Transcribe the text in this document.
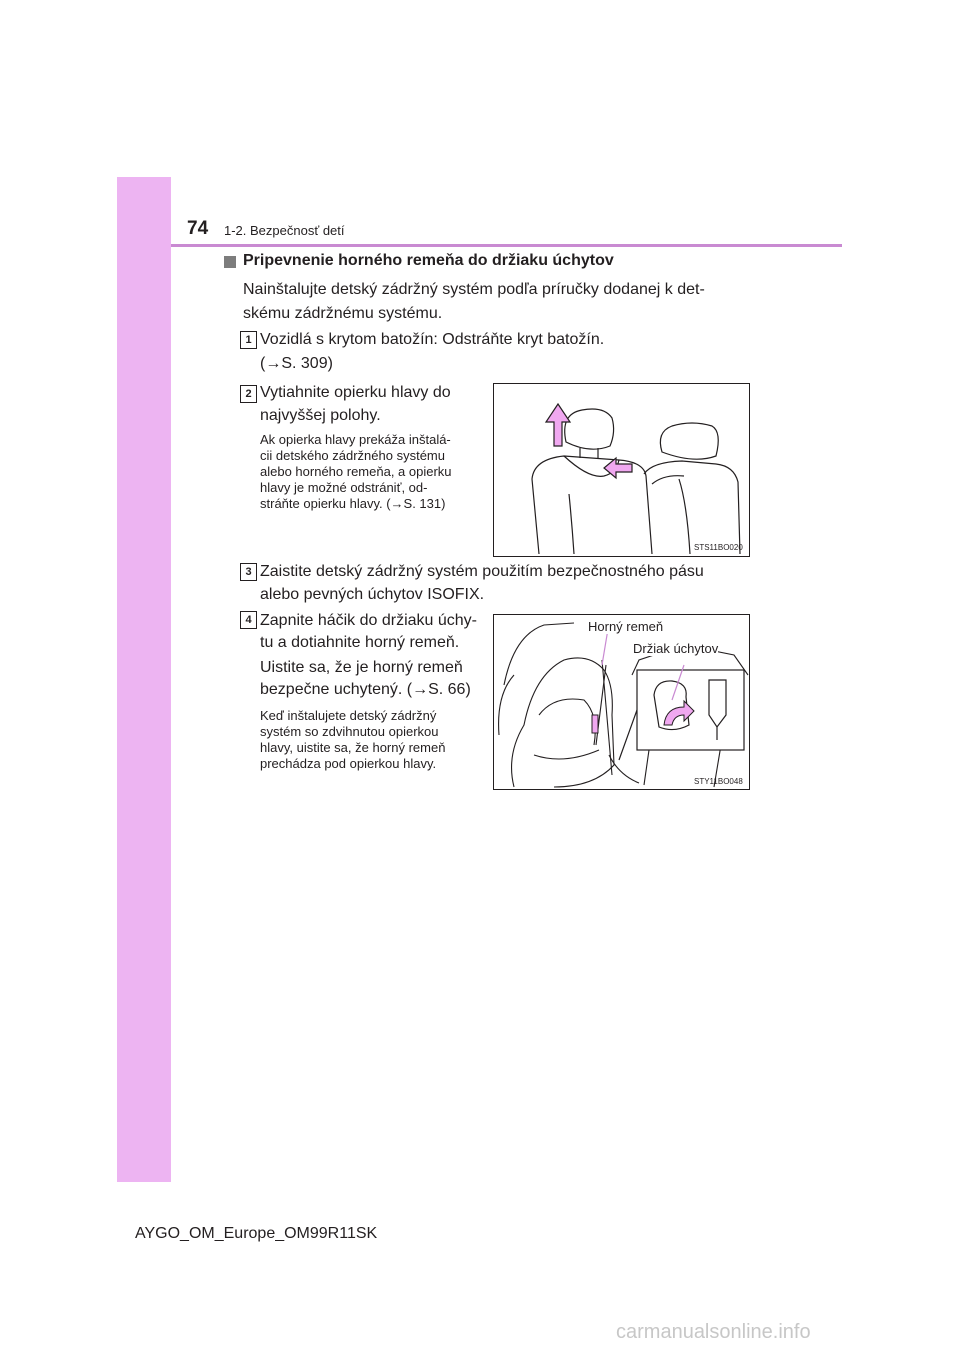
74 1-2. Bezpečnosť detí
Pripevnenie horného remeňa do držiaku úchytov
Nainštalujte detský zádržný systém podľa príručky dodanej k det-
skému zádržnému systému.
1 Vozidlá s krytom batožín: Odstráňte kryt batožín.
(→S. 309)
2 Vytiahnite opierku hlavy do
najvyššej polohy.
Ak opierka hlavy prekáža inštalá-
cii detského zádržného systému
alebo horného remeňa, a opierku
hlavy je možné odstrániť, od-
stráňte opierku hlavy. (→S. 131)
STS11BO020
3 Zaistite detský zádržný systém použitím bezpečnostného pásu
alebo pevných úchytov ISOFIX.
4 Zapnite háčik do držiaku úchy-
tu a dotiahnite horný remeň.
Uistite sa, že je horný remeň
bezpečne uchytený. (→S. 66)
Keď inštalujete detský zádržný
systém so zdvihnutou opierkou
hlavy, uistite sa, že horný remeň
prechádza pod opierkou hlavy.
Horný remeň
Držiak úchytov
STY11BO048
AYGO_OM_Europe_OM99R11SK
carmanualsonline.info
